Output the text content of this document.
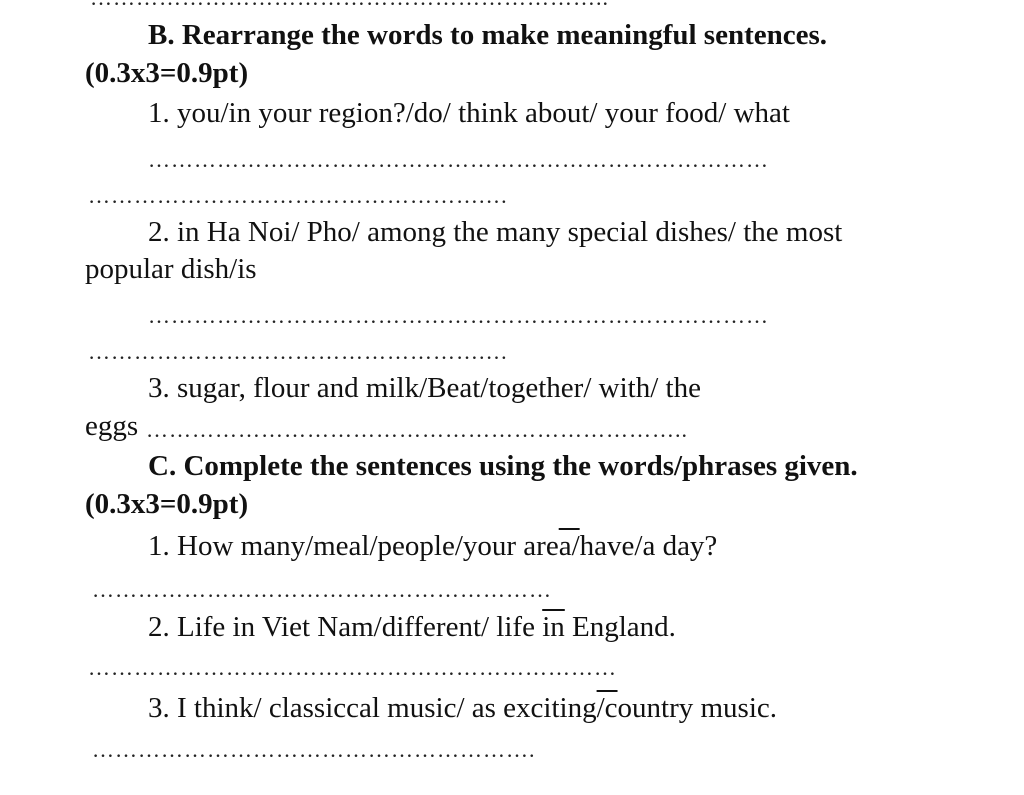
B. Rearrange the words to make meaningful sentences.
(0.3x3=0.9pt)
1. you/in your region?/do/ think about/ your food/ what
………………………………………………………………………
…………………………………………….…
2. in Ha Noi/ Pho/ among the many special dishes/ the most
popular dish/is
………………………………………………………………………
…………………………………………….…
3. sugar, flour and milk/Beat/together/ with/ the
eggs ……………………………………………………………..
C. Complete the sentences using the words/phrases given.
(0.3x3=0.9pt)
1. How many/meal/people/your area/have/a day?
……………………………………………………
2. Life in Viet Nam/different/ life $\overline{in}$ England.
……………………………………………………………
3. I think/ classiccal music/ as exciting/country music.
………………………………………………….
